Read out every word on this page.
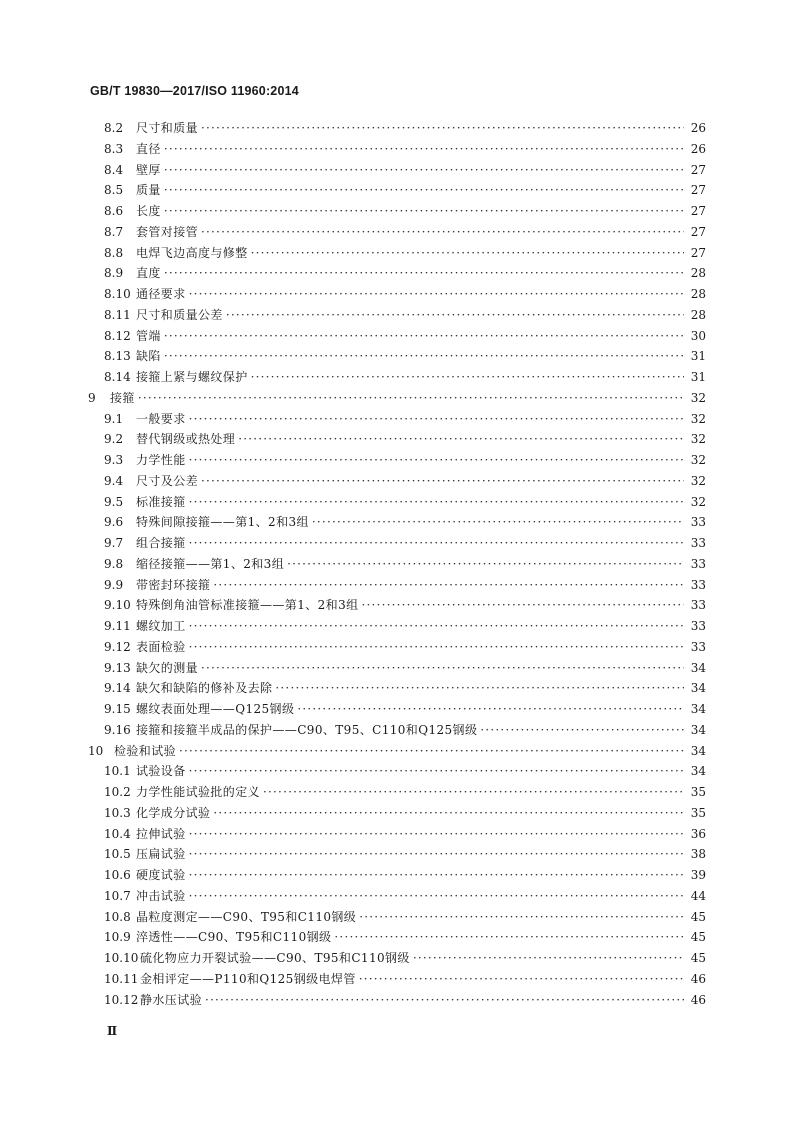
GB/T 19830—2017/ISO 11960:2014
8.2	尺寸和质量 ·····	26
8.3	直径 ·····	26
8.4	壁厚 ·····	27
8.5	质量 ·····	27
8.6	长度 ·····	27
8.7	套管对接管 ·····	27
8.8	电焊飞边高度与修整 ·····	27
8.9	直度 ·····	28
8.10 通径要求 ·····	28
8.11 尺寸和质量公差 ·····	28
8.12 管端 ·····	30
8.13 缺陷 ·····	31
8.14 接箍上紧与螺纹保护 ·····	31
9	接箍 ·····	32
9.1	一般要求 ·····	32
9.2	替代钢级或热处理 ·····	32
9.3	力学性能 ·····	32
9.4	尺寸及公差 ·····	32
9.5	标准接箍 ·····	32
9.6	特殊间隙接箍——第1、2和3组 ·····	33
9.7	组合接箍 ·····	33
9.8	缩径接箍——第1、2和3组 ·····	33
9.9	带密封环接箍 ·····	33
9.10 特殊倒角油管标准接箍——第1、2和3组 ·····	33
9.11 螺纹加工 ·····	33
9.12 表面检验 ·····	33
9.13 缺欠的测量 ·····	34
9.14 缺欠和缺陷的修补及去除 ·····	34
9.15 螺纹表面处理——Q125钢级 ·····	34
9.16 接箍和接箍半成品的保护——C90、T95、C110和Q125钢级 ·····	34
10 检验和试验 ·····	34
10.1 试验设备 ·····	34
10.2 力学性能试验批的定义 ·····	35
10.3 化学成分试验 ·····	35
10.4 拉伸试验 ·····	36
10.5 压扁试验 ·····	38
10.6 硬度试验 ·····	39
10.7 冲击试验 ·····	44
10.8 晶粒度测定——C90、T95和C110钢级 ·····	45
10.9 淬透性——C90、T95和C110钢级 ·····	45
10.10 硫化物应力开裂试验——C90、T95和C110钢级 ·····	45
10.11 金相评定——P110和Q125钢级电焊管 ·····	46
10.12 静水压试验 ·····	46
Ⅱ
